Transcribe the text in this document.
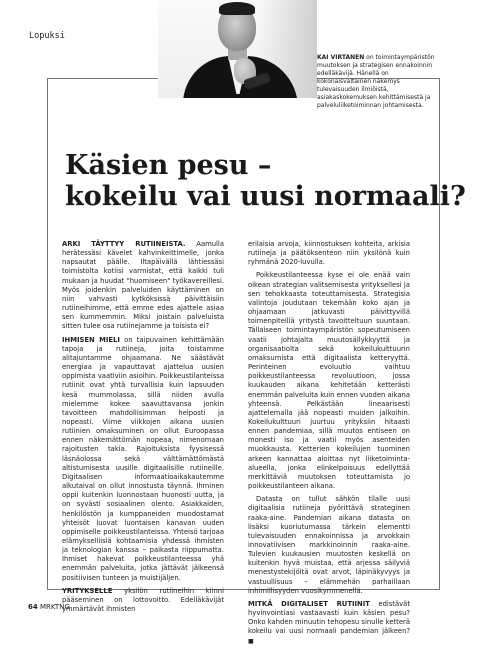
Lopuksi
KAI VIRTANEN on toimintaympäristön muutoksen ja strategisen ennakoinnin edelläkävijä. Hänellä on kokonaisvaltainen näkemys tulevaisuuden ilmiöistä, asiakaskokemuksen kehittämisestä ja palveluliiketoiminnan johtamisesta.
Käsien pesu –
kokeilu vai uusi normaali?

ARKI TÄYTTYY RUTIINEISTA. Aamulla herätessäsi kävelet kahvinkeittimelle, jonka napsautat päälle. Iltapäivällä lähtiessäsi toimistolta kotiisi varmistat, että kaikki tuli mukaan ja huudat "huomiseen" työkavereillesi. Myös joidenkin palveluiden käyttäminen on niin vahvasti kytköksissä päivittäisiin rutiineihimme, että emme edes ajattele asiaa sen kummemmin. Miksi joistain palveluista sitten tulee osa rutiinejamme ja toisista ei?

IHMISEN MIELI on taipuvainen kehittämään tapoja ja rutiineja, joita toistamme alitajuntamme ohjaamana. Ne säästävät energiaa ja vapauttavat ajattelua uusien oppimista vaativiin asioihin. Poikkeustilanteissa rutiinit ovat yhtä turvallisia kuin lapsuuden kesä mummolassa, sillä niiden avulla mielemme kokee saavuttavansa jonkin tavoitteen mahdollisimman helposti ja nopeasti. Viime viikkojen aikana uusien rutiinien omaksuminen on ollut Euroopassa ennen näkemättömän nopeaa, nimenomaan rajoitusten takia. Rajoituksista fyysisessä läsnäolossa sekä välttämättömästä altistumisesta uusille digitaalisille rutiineille. Digitaalisen informaatioaikakautemme alkutaival on ollut innostusta täynnä. Ihminen oppii kuitenkin luonnostaan huonosti uutta, ja on syvästi sosiaalinen olento. Asiakkaiden, henkilöstön ja kumppaneiden muodostamat yhteisöt luovat luontaisen kanavan uuden oppimiselle poikkeustilanteissa. Yhteisö tarjoaa elämykselliisiä kohtaamisia yhdessä ihmisten ja teknologian kanssa – paikasta riippumatta. Ihmiset hakevat poikkeustilanteessa yhä enemmän palveluita, jotka jättävät jälkeensä positiivisen tunteen ja muistijäljen.

YRITYKSELLE yksilön rutiineihin kiinni pääseminen on lottovoitto. Edelläkävijät ymmärtävät ihmisten

erilaisia arvoja, kiinnostuksen kohteita, arkisia rutiineja ja päätöksenteon niin yksilönä kuin ryhmänä 2020-luvulla.

Poikkeustilanteessa kyse ei ole enää vain oikean strategian valitsemisesta yrityksellesi ja sen tehokkaasta toteuttamisesta. Strategisia valintoja joudutaan tekemään koko ajan ja ohjaamaan jatkuvasti päivittyvillä toimenpiteillä yritystä tavoitteltuun suuntaan. Tällaiseen toimintaympäristön sopeutumiseen vaatii johtajalta muutosällykkyyttä ja organisaatiolta sekä kokeilukulttuurin omaksumista että digitaalista ketteryyttä. Perinteinen evoluutio vaihtuu poikkeustilanteessa revoluutioon, jossa kuukauden aikana kehitetään ketterästi enemmän palveluita kuin ennen vuoden aikana yhteensä. Pelkästään lineaarisesti ajattelemalla jää nopeasti muiden jalkoihin. Kokeilukulttuuri juurtuu yrityksiin hitaasti ennen pandemiaa, sillä muutos entiseen on monesti iso ja vaatii myös asenteiden muokkausta. Ketterien kokeilujen tuominen arkeen kannattaa aloittaa nyt liiketoiminta-alueella, jonka elinkelpoisuus edellyttää merkittäviä muutoksen toteuttamista jo poikkeustilanteen aikana.

Datasta on tullut sähkön tilalle uusi digitaalisia rutiineja pyörittävä strateginen raaka-aine. Pandemian aikana datasta on lisäksi kuoriutumassa tärkein elementti tulevaisuuden ennakoinnissa ja arvokkain innovatiivisen markkinoinnin raaka-aine. Tulevien kuukausien muutosten keskellä on kuitenkin hyvä muistaa, että arjessa säilyviä menestystekijöitä ovat arvot, läpinäkyvyys ja vastuullisuus – elämmehän parhaillaan inhimillisyyden vuosikymmenellä.

MITKÄ DIGITALISET RUTIINIT edistävät hyvinvointiasi vastaavasti kuin käsien pesu? Onko kahden minuutin tehopesu sinulle ketterä kokeilu vai uusi normaali pandemian jälkeen? ■

64 MRKTNG
